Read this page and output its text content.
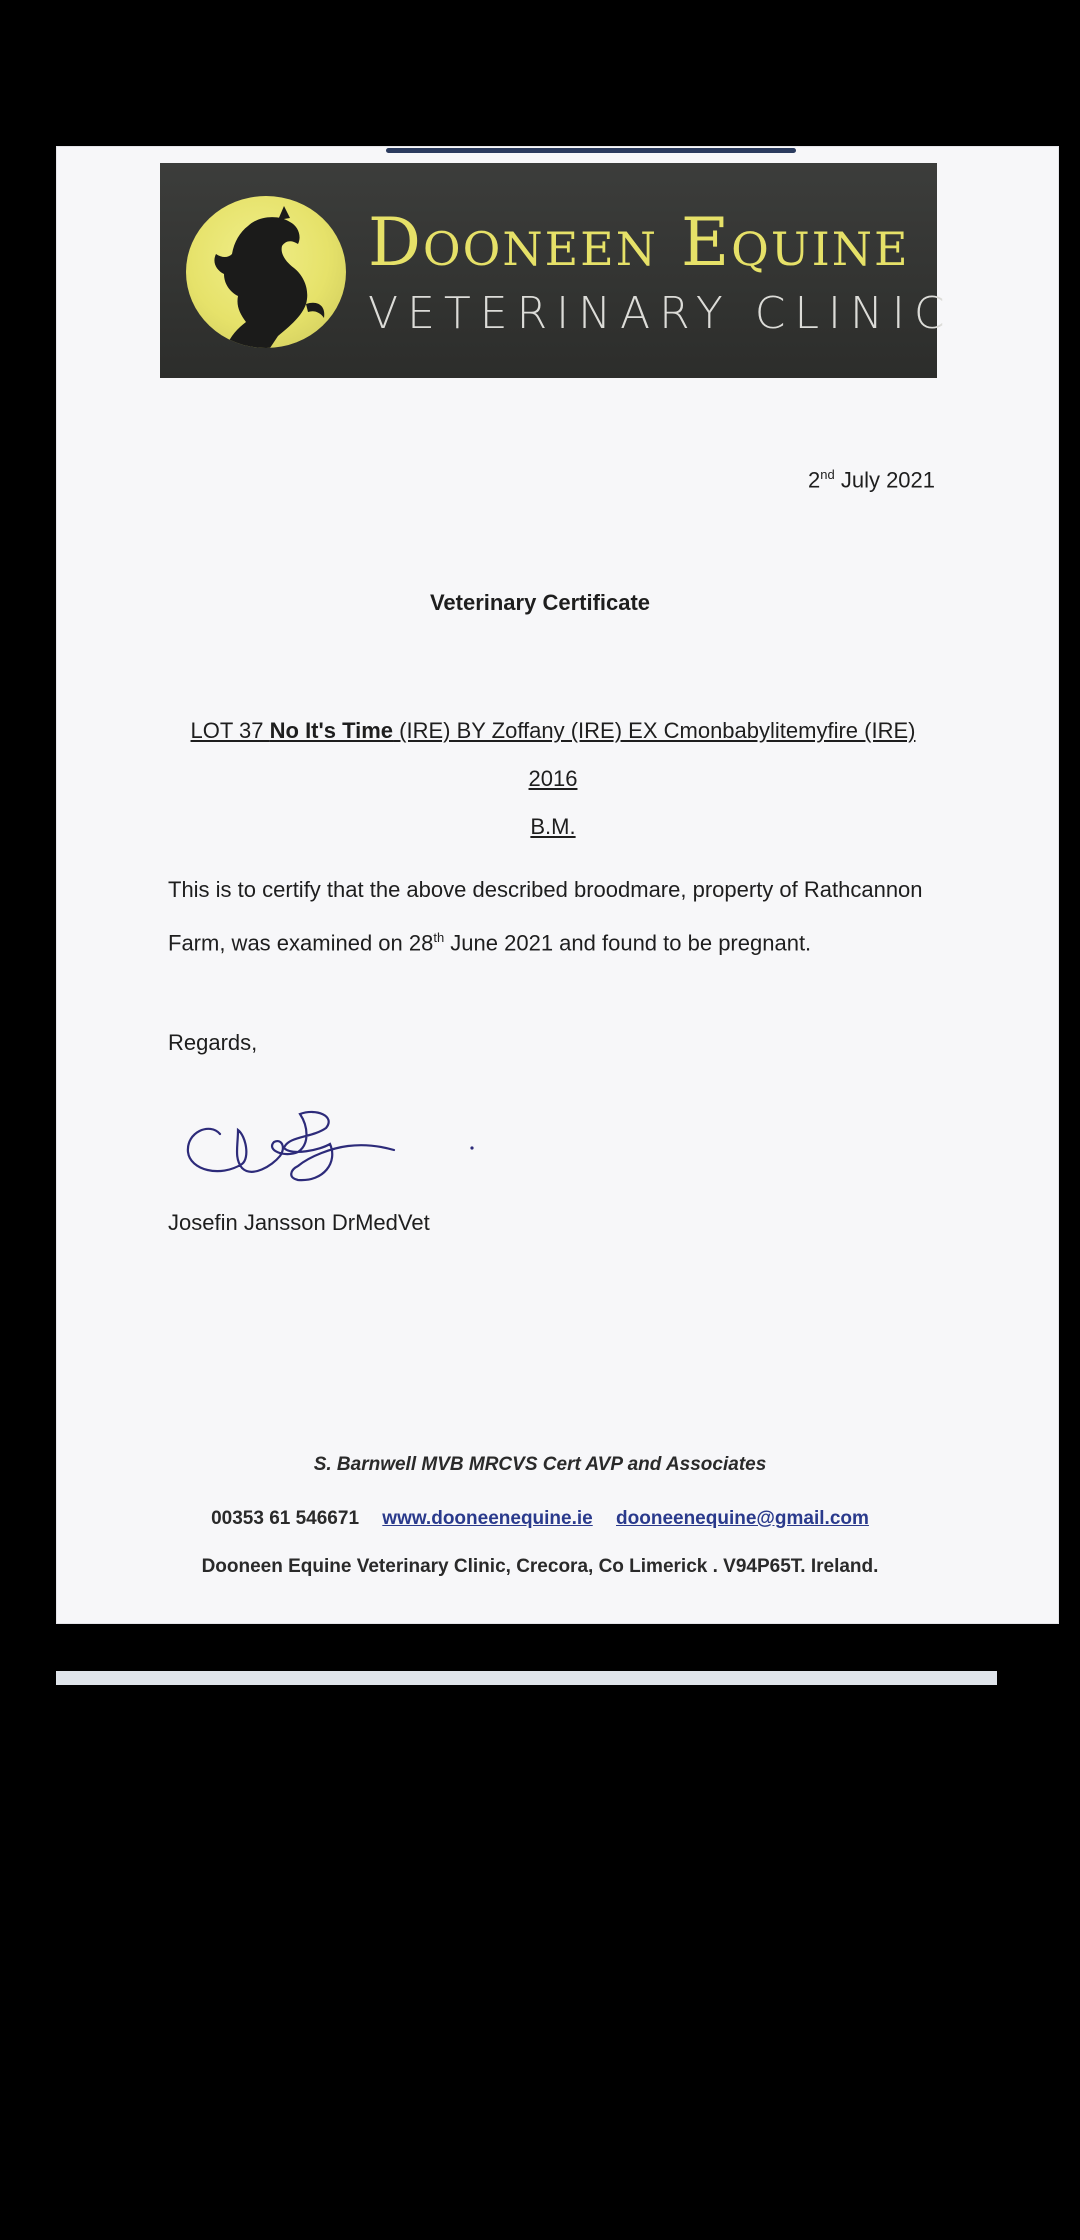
Dooneen Equine
VETERINARY CLINIC
2nd July 2021
Veterinary Certificate
LOT 37 No It's Time (IRE) BY Zoffany (IRE) EX Cmonbabylitemyfire (IRE) 2016
B.M.
This is to certify that the above described broodmare, property of Rathcannon Farm, was examined on 28th June 2021 and found to be pregnant.
Regards,
Josefin Jansson DrMedVet
S. Barnwell MVB MRCVS Cert AVP and Associates
00353 61 546671 www.dooneenequine.ie dooneenequine@gmail.com
Dooneen Equine Veterinary Clinic, Crecora, Co Limerick . V94P65T. Ireland.
